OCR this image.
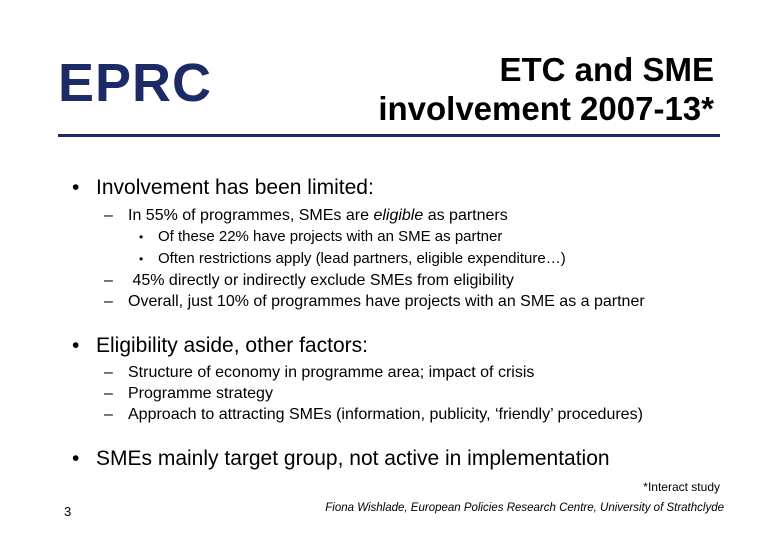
EPRC	ETC and SME
involvement 2007-13*
• Involvement has been limited:
– In 55% of programmes, SMEs are eligible as partners
• Of these 22% have projects with an SME as partner
• Often restrictions apply (lead partners, eligible expenditure…)
– 45% directly or indirectly exclude SMEs from eligibility
– Overall, just 10% of programmes have projects with an SME as a partner
• Eligibility aside, other factors:
– Structure of economy in programme area; impact of crisis
– Programme strategy
– Approach to attracting SMEs (information, publicity, ‘friendly’ procedures)
• SMEs mainly target group, not active in implementation
*Interact study
3	Fiona Wishlade, European Policies Research Centre, University of Strathclyde
